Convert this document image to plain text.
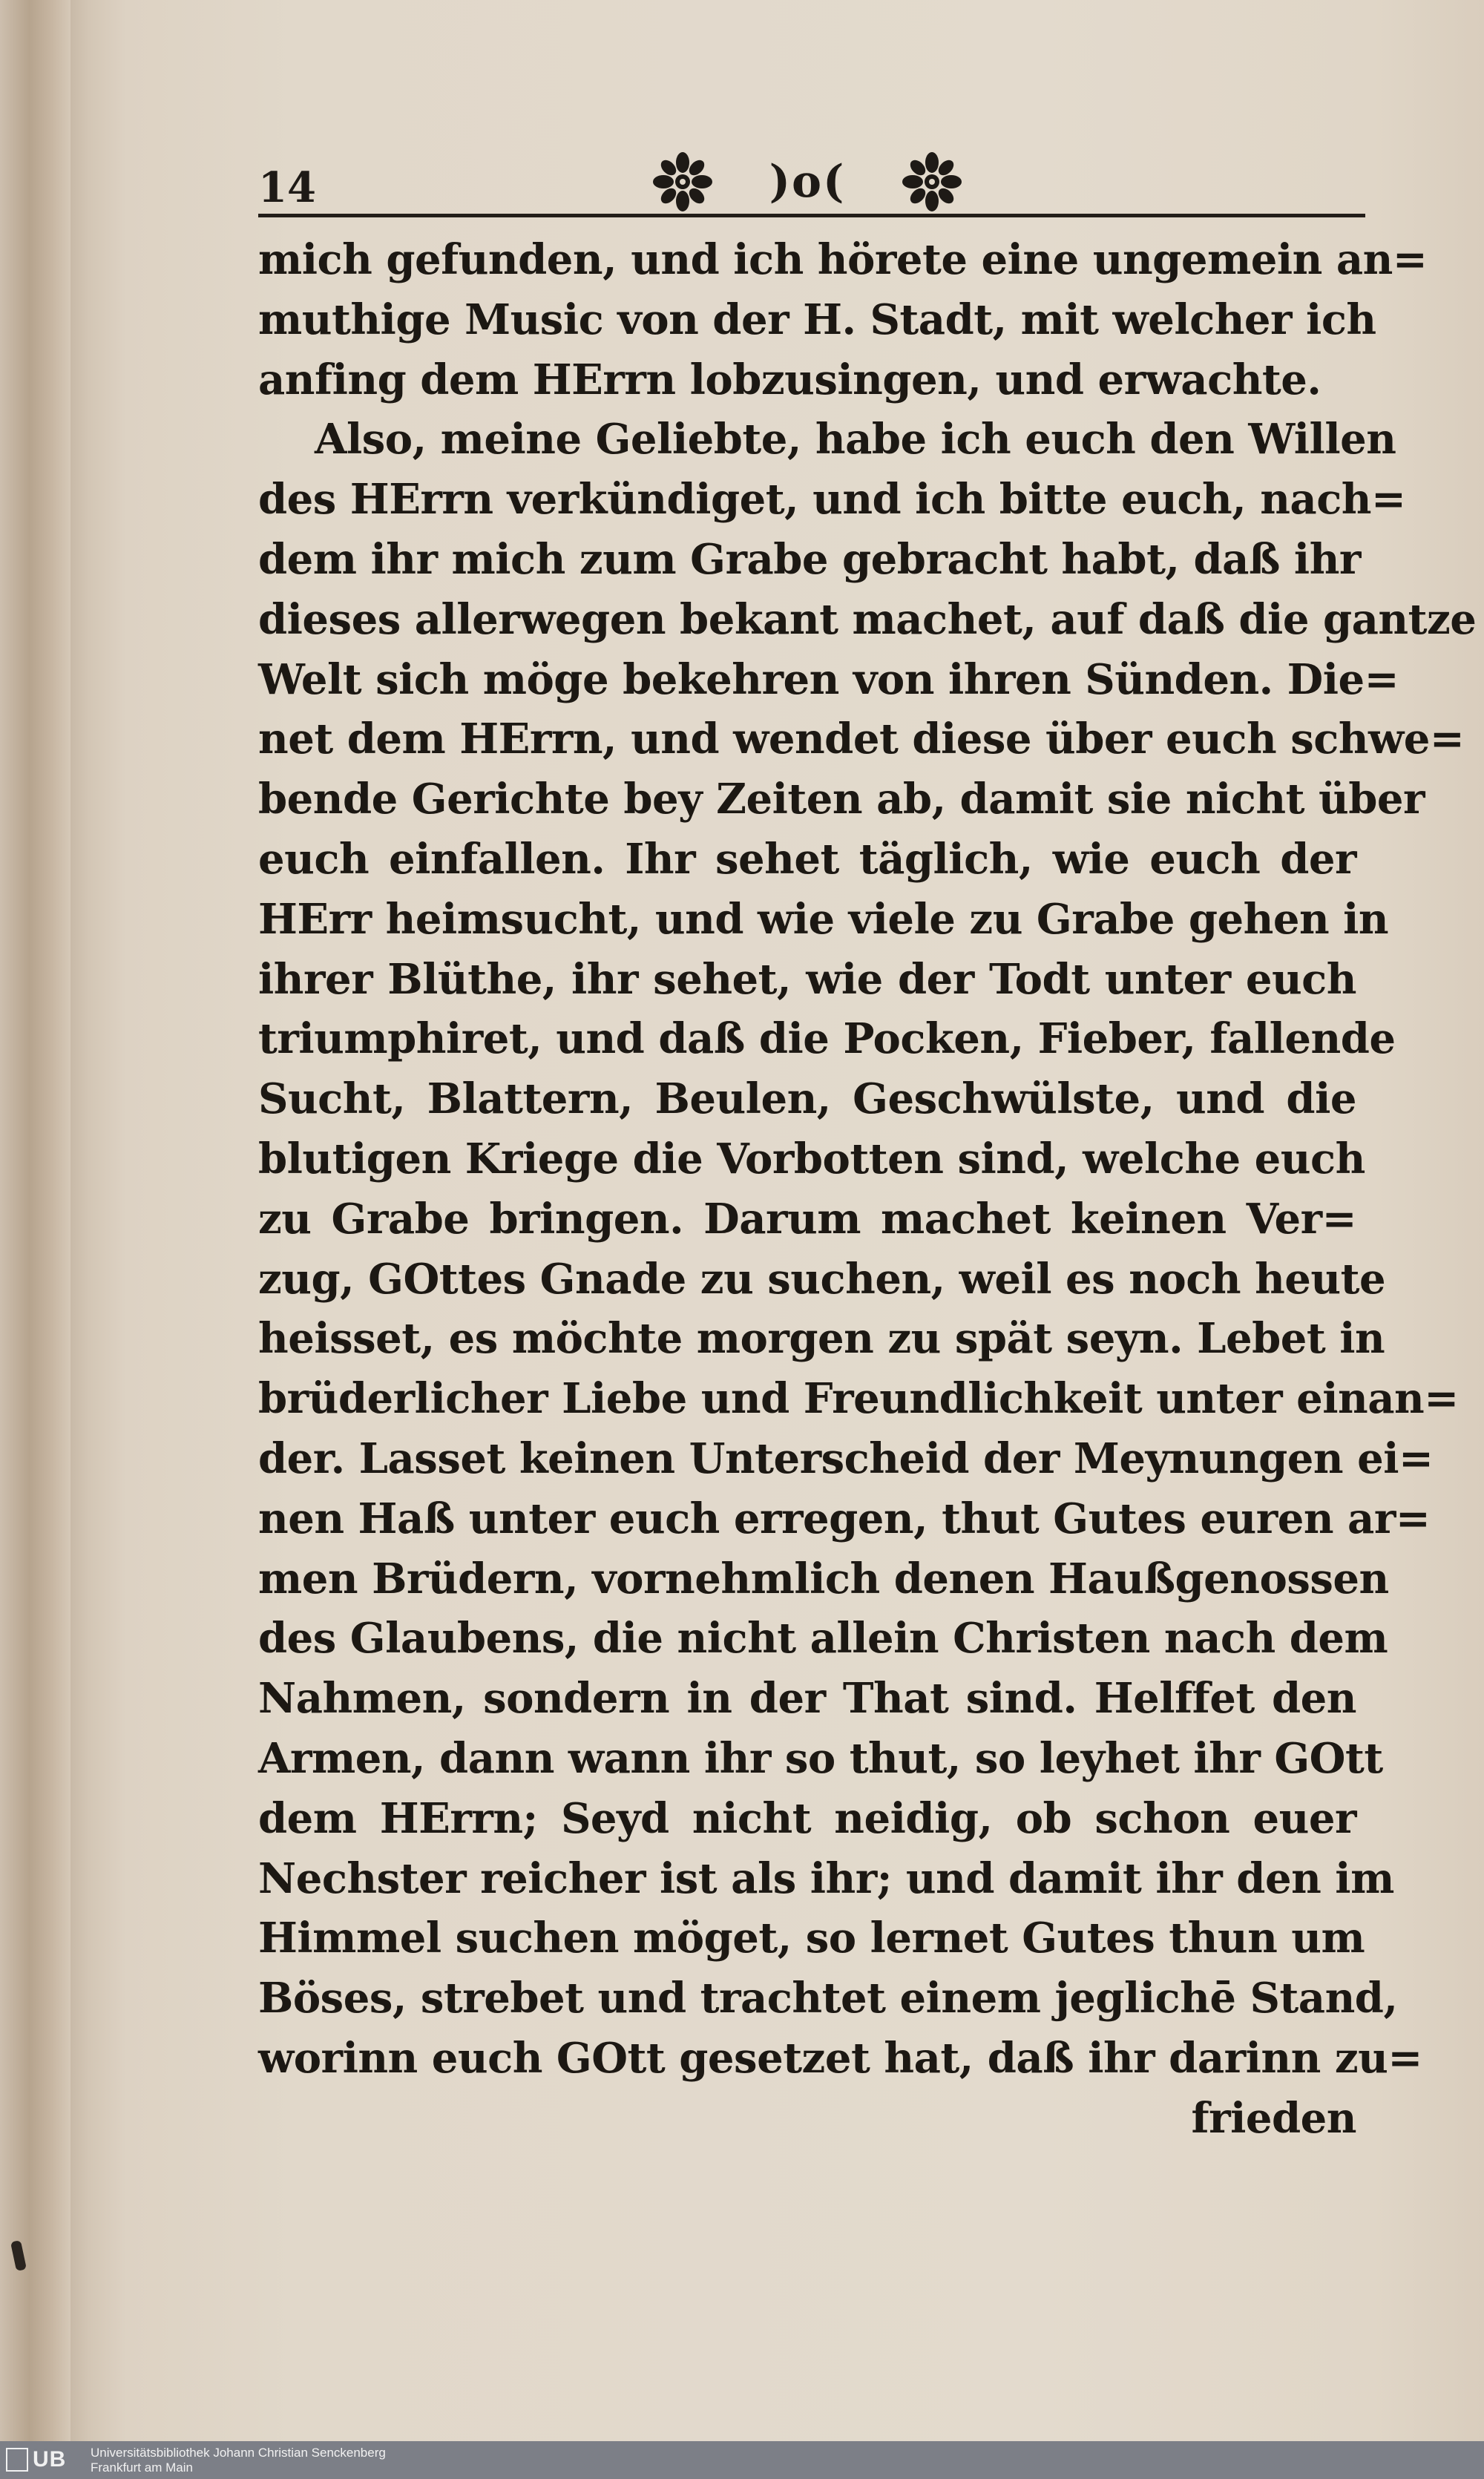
14	)o(
mich gefunden, und ich hörete eine ungemein an=
muthige Music von der H. Stadt, mit welcher ich
anfing dem HErrn lobzusingen, und erwachte.
Also, meine Geliebte, habe ich euch den Willen
des HErrn verkündiget, und ich bitte euch, nach=
dem ihr mich zum Grabe gebracht habt, daß ihr
dieses allerwegen bekant machet, auf daß die gantze
Welt sich möge bekehren von ihren Sünden. Die=
net dem HErrn, und wendet diese über euch schwe=
bende Gerichte bey Zeiten ab, damit sie nicht über
euch einfallen. Ihr sehet täglich, wie euch der
HErr heimsucht, und wie viele zu Grabe gehen in
ihrer Blüthe, ihr sehet, wie der Todt unter euch
triumphiret, und daß die Pocken, Fieber, fallende
Sucht, Blattern, Beulen, Geschwülste, und die
blutigen Kriege die Vorbotten sind, welche euch
zu Grabe bringen. Darum machet keinen Ver=
zug, GOttes Gnade zu suchen, weil es noch heute
heisset, es möchte morgen zu spät seyn. Lebet in
brüderlicher Liebe und Freundlichkeit unter einan=
der. Lasset keinen Unterscheid der Meynungen ei=
nen Haß unter euch erregen, thut Gutes euren ar=
men Brüdern, vornehmlich denen Haußgenossen
des Glaubens, die nicht allein Christen nach dem
Nahmen, sondern in der That sind. Helffet den
Armen, dann wann ihr so thut, so leyhet ihr GOtt
dem HErrn; Seyd nicht neidig, ob schon euer
Nechster reicher ist als ihr; und damit ihr den im
Himmel suchen möget, so lernet Gutes thun um
Böses, strebet und trachtet einem jeglichē Stand,
worinn euch GOtt gesetzet hat, daß ihr darinn zu=
frieden
UB Universitätsbibliothek Johann Christian Senckenberg
Frankfurt am Main
